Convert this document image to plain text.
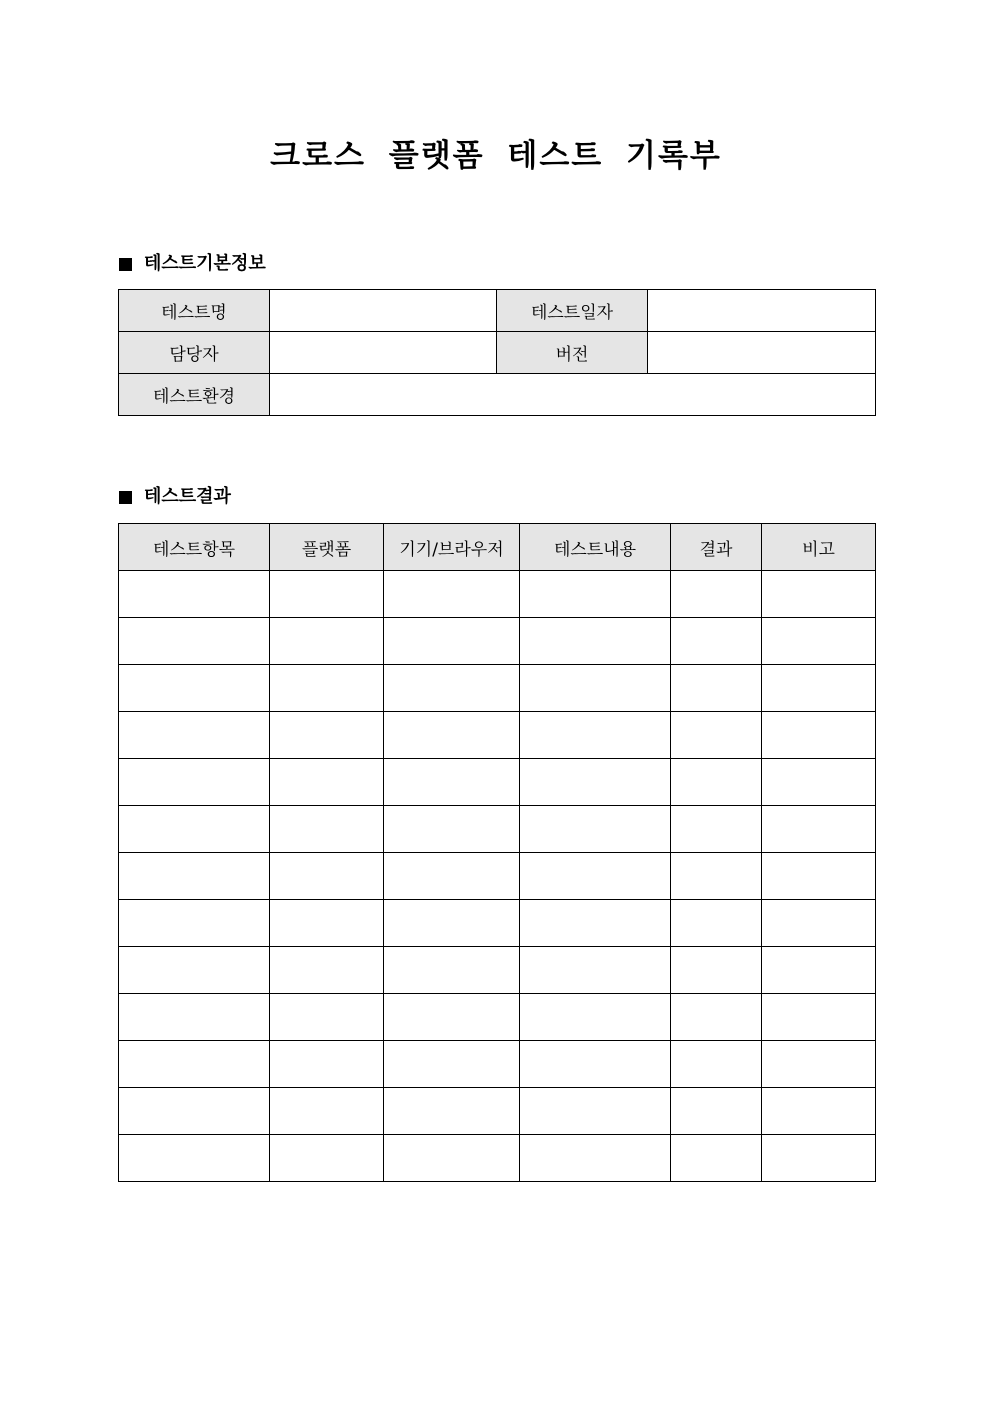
크로스 플랫폼 테스트 기록부
테스트기본정보
테스트명		테스트일자	
담당자		버전	
테스트환경			
테스트결과
테스트항목	플랫폼	기기/브라우저	테스트내용	결과	비고
